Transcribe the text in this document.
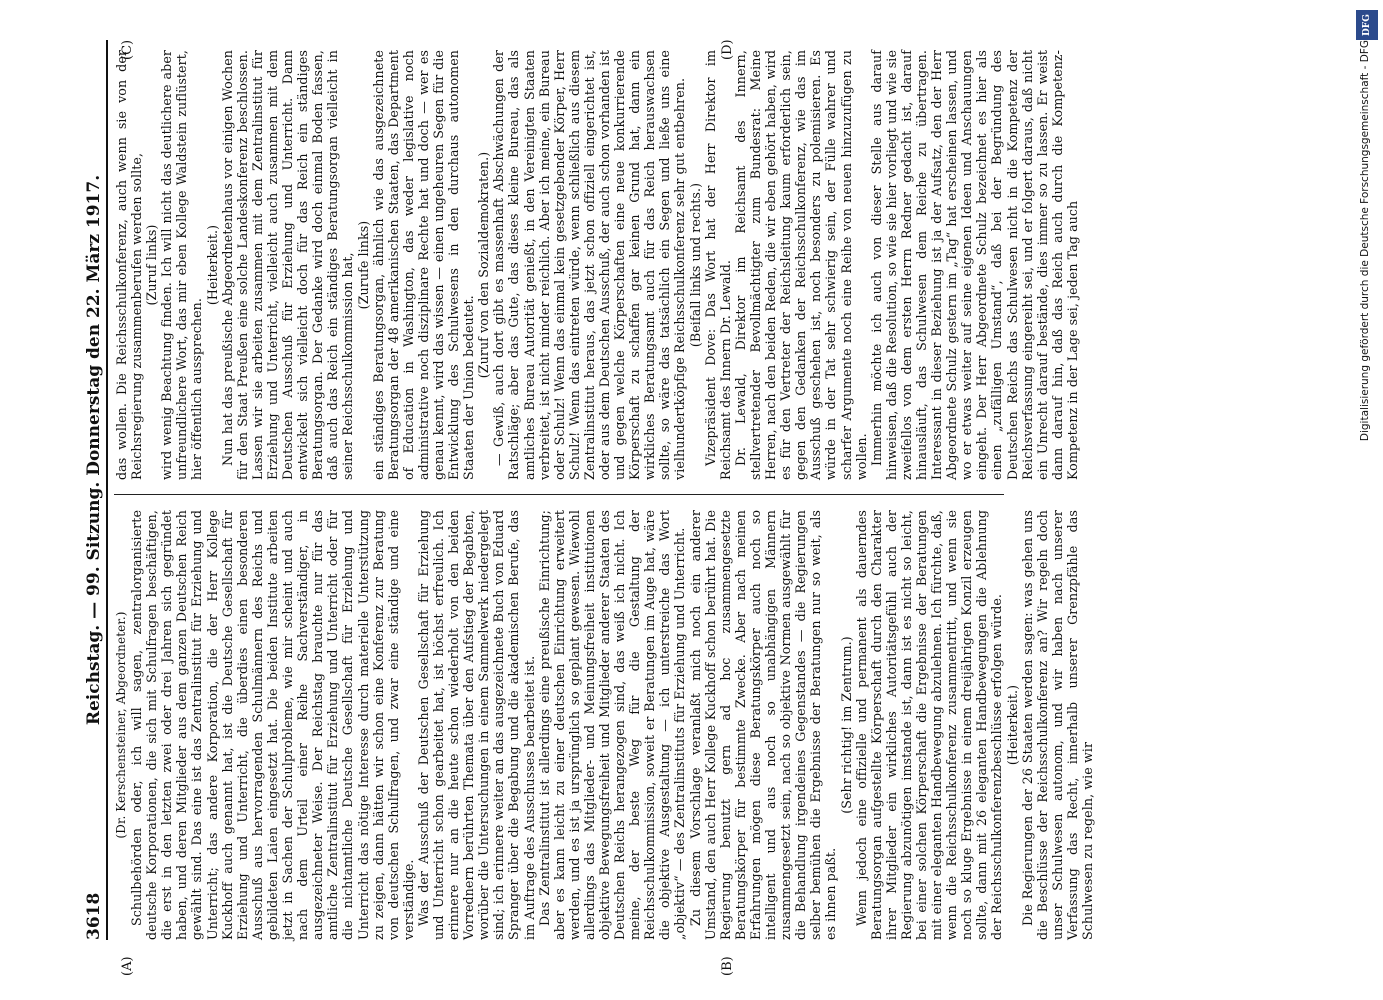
3618
Reichstag. — 99. Sitzung. Donnerstag den 22. März 1917.
(A)	(B)
(C)	(D)

(Dr. Kerschensteiner, Abgeordneter.) Schulbehörden oder, ich will sagen, zentralorganisierte deutsche Korporationen, die sich mit Schulfragen beschäftigen, die erst in den letzten zwei oder drei Jahren sich gegründet haben, und deren Mitglieder aus dem ganzen Deutschen Reich gewählt sind. Das eine ist das Zentralinstitut für Erziehung und Unterricht; das andere Korporation, die der Herr Kollege Kuckhoff auch genannt hat, ist die Deutsche Gesellschaft für Erziehung und Unterricht, die überdies einen besonderen Ausschuß aus hervorragenden Schulmännern des Reichs und gebildeten Laien eingesetzt hat. Die beiden Institute arbeiten jetzt in Sachen der Schulprobleme, wie mir scheint und auch nach dem Urteil einer Reihe Sachverständiger, in ausgezeichneter Weise. Der Reichstag brauchte nur für das amtliche Zentralinstitut für Erziehung und Unterricht oder für die nichtamtliche Deutsche Gesellschaft für Erziehung und Unterricht das nötige Interesse durch materielle Unterstützung zu zeigen, dann hätten wir schon eine Konferenz zur Beratung von deutschen Schulfragen, und zwar eine ständige und eine verständige. Was der Ausschuß der Deutschen Gesellschaft für Erziehung und Unterricht schon gearbeitet hat, ist höchst erfreulich. Ich erinnere nur an die heute schon wiederholt von den beiden Vorrednern berührten Themata über den Aufstieg der Begabten, worüber die Untersuchungen in einem Sammelwerk niedergelegt sind; ich erinnere weiter an das ausgezeichnete Buch von Eduard Spranger über die Begabung und die akademischen Berufe, das im Auftrage des Ausschusses bearbeitet ist. Das Zentralinstitut ist allerdings eine preußische Einrichtung; aber es kann leicht zu einer deutschen Einrichtung erweitert werden, und es ist ja ursprünglich so geplant gewesen. Wiewohl allerdings das Mitglieder- und Meinungsfreiheit institutionen objektive Bewegungsfreiheit und Mitglieder anderer Staaten des Deutschen Reichs herangezogen sind, das weiß ich nicht. Ich meine, der beste Weg für die Gestaltung der Reichsschulkommission, soweit er Beratungen im Auge hat, wäre die objektive Ausgestaltung — ich unterstreiche das Wort „objektiv“ — des Zentralinstituts für Erziehung und Unterricht. Zu diesem Vorschlage veranlaßt mich noch ein anderer Umstand, den auch Herr Kollege Kuckhoff schon berührt hat. Die Regierung benutzt gern ad hoc zusammengesetzte Beratungskörper für bestimmte Zwecke. Aber nach meinen Erfahrungen mögen diese Beratungskörper auch noch so intelligent und aus noch so unabhängigen Männern zusammengesetzt sein, nach so objektive Normen ausgewählt für die Behandlung irgendeines Gegenstandes — die Regierungen selber bemühen die Ergebnisse der Beratungen nur so weit, als es ihnen paßt.

(Sehr richtig! im Zentrum.) Wenn jedoch eine offizielle und permanent als dauerndes Beratungsorgan aufgestellte Körperschaft durch den Charakter ihrer Mitglieder ein wirkliches Autoritätsgefühl auch der Regierung abzunötigen imstande ist, dann ist es nicht so leicht, bei einer solchen Körperschaft die Ergebnisse der Beratungen mit einer eleganten Handbewegung abzulehnen. Ich fürchte, daß, wenn die Reichsschulkonferenz zusammentritt, und wenn sie noch so kluge Ergebnisse in einem dreijährigen Konzil erzeugen sollte, dann mit 26 eleganten Handbewegungen die Ablehnung der Reichsschulkonferenzbeschlüsse erfolgen würde. (Heiterkeit.) Die Regierungen der 26 Staaten werden sagen: was gehen uns die Beschlüsse der Reichsschulkonferenz an? Wir regeln doch unser Schulwesen autonom, und wir haben nach unserer Verfassung das Recht, innerhalb unserer Grenzpfähle das Schulwesen zu regeln, wie wir

das wollen. Die Reichsschulkonferenz, auch wenn sie von der Reichsregierung zusammenberufen werden sollte, (Zuruf links) wird wenig Beachtung finden. Ich will nicht das deutlichere aber unfreundlichere Wort, das mir eben Kollege Waldstein zuflüstert, hier öffentlich aussprechen.

(Heiterkeit.) Nun hat das preußische Abgeordnetenhaus vor einigen Wochen für den Staat Preußen eine solche Landeskonferenz beschlossen. Lassen wir sie arbeiten zusammen mit dem Zentralinstitut für Erziehung und Unterricht, vielleicht auch zusammen mit dem Deutschen Ausschuß für Erziehung und Unterricht. Dann entwickelt sich vielleicht doch für das Reich ein ständiges Beratungsorgan. Der Gedanke wird doch einmal Boden fassen, daß auch das Reich ein ständiges Beratungsorgan vielleicht in seiner Reichsschulkommission hat, (Zurufe links) ein ständiges Beratungsorgan, ähnlich wie das ausgezeichnete Beratungsorgan der 48 amerikanischen Staaten, das Department of Education in Washington, das weder legislative noch administrative noch disziplinare Rechte hat und doch — wer es genau kennt, wird das wissen — einen ungeheuren Segen für die Entwicklung des Schulwesens in den durchaus autonomen Staaten der Union bedeutet.

(Zuruf von den Sozialdemokraten.) — Gewiß, auch dort gibt es massenhaft Abschwächungen der Ratschläge; aber das Gute, das dieses kleine Bureau, das als amtliches Bureau Autorität genießt, in den Vereinigten Staaten verbreitet, ist nicht minder reichlich. Aber ich meine, ein Bureau oder Schulz! Wenn das einmal kein gesetzgebender Körper, Herr Schulz! Wenn das eintreten würde, wenn schließlich aus diesem Zentralinstitut heraus, das jetzt schon offiziell eingerichtet ist, oder aus dem Deutschen Ausschuß, der auch schon vorhanden ist und gegen welche Körperschaften eine neue konkurrierende Körperschaft zu schaffen gar keinen Grund hat, dann ein wirkliches Beratungsamt auch für das Reich herauswachsen sollte, so wäre das tatsächlich ein Segen und ließe uns eine vielhundertköpfige Reichsschulkonferenz sehr gut entbehren. (Beifall links und rechts.) Vizepräsident Dove: Das Wort hat der Herr Direktor im Reichsamt des Innern Dr. Lewald. Dr. Lewald, Direktor im Reichsamt des Innern, stellvertretender Bevollmächtigter zum Bundesrat: Meine Herren, nach den beiden Reden, die wir eben gehört haben, wird es für den Vertreter der Reichsleitung kaum erforderlich sein, gegen den Gedanken der Reichsschulkonferenz, wie das im Ausschuß geschehen ist, noch besonders zu polemisieren. Es würde in der Tat sehr schwierig sein, der Fülle wahrer und scharfer Argumente noch eine Reihe von neuen hinzuzufügen zu wollen. Immerhin möchte ich auch von dieser Stelle aus darauf hinweisen, daß die Resolution, so wie sie hier vorliegt und wie sie zweifellos von dem ersten Herrn Redner gedacht ist, darauf hinausläuft, das Schulwesen dem Reiche zu übertragen. Interessant in dieser Beziehung ist ja der Aufsatz, den der Herr Abgeordnete Schulz gestern im „Tag“ hat erscheinen lassen, und wo er etwas weiter auf seine eigenen Ideen und Anschauungen eingeht. Der Herr Abgeordnete Schulz bezeichnet es hier als einen „zufälligen Umstand“, daß bei der Begründung des Deutschen Reichs das Schulwesen nicht in die Kompetenz der Reichsverfassung eingereiht sei, und er folgert daraus, daß nicht ein Unrecht darauf bestände, dies immer so zu lassen. Er weist dann darauf hin, daß das Reich auch durch die Kompetenz-Kompetenz in der Lage sei, jeden Tag auch	Digitalisierung gefördert durch die Deutsche Forschungsgemeinschaft - DFG
DFG
